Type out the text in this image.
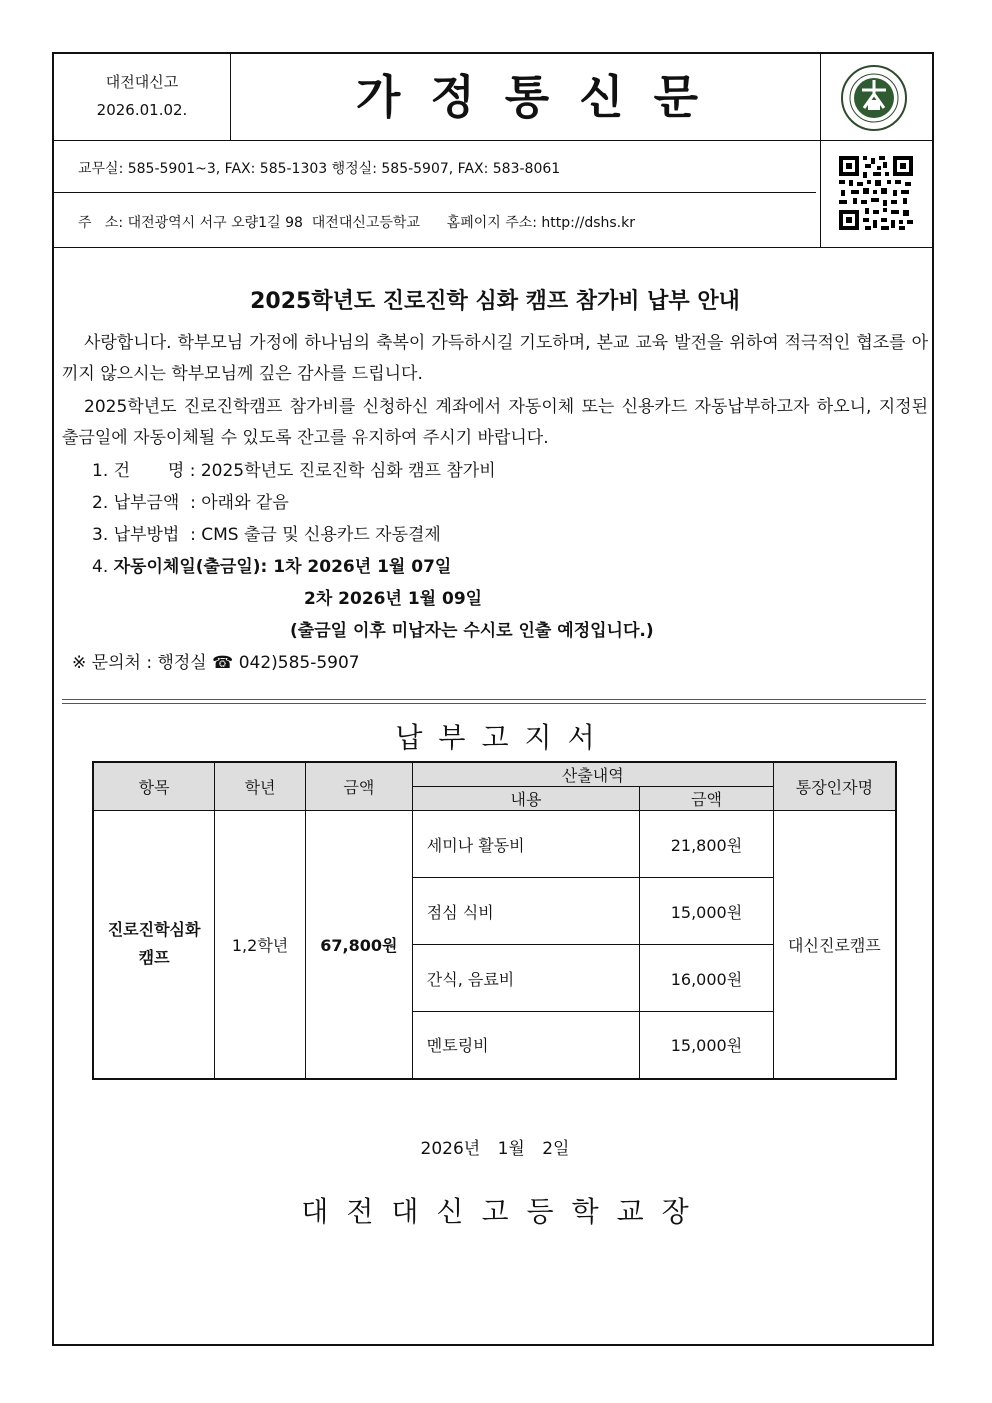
대전대신고
2026.01.02.	가정통신문
교무실: 585-5901~3, FAX: 585-1303 행정실: 585-5907, FAX: 583-8061
주   소: 대전광역시 서구 오량1길 98  대전대신고등학교      홈페이지 주소: http://dshs.kr
2025학년도 진로진학 심화 캠프 참가비 납부 안내
사랑합니다. 학부모님 가정에 하나님의 축복이 가득하시길 기도하며, 본교 교육 발전을 위하여 적극적인 협조를 아끼지 않으시는 학부모님께 깊은 감사를 드립니다.
2025학년도 진로진학캠프 참가비를 신청하신 계좌에서 자동이체 또는 신용카드 자동납부하고자 하오니, 지정된 출금일에 자동이체될 수 있도록 잔고를 유지하여 주시기 바랍니다.
1. 건       명 : 2025학년도 진로진학 심화 캠프 참가비
2. 납부금액  : 아래와 같음
3. 납부방법  : CMS 출금 및 신용카드 자동결제
4. 자동이체일(출금일): 1차 2026년 1월 07일
2차 2026년 1월 09일
(출금일 이후 미납자는 수시로 인출 예정입니다.)
※ 문의처 : 행정실 ☎ 042)585-5907
납부고지서
항목	학년	금액	산출내역		통장인자명
			내용	금액	
진로진학심화 캠프	1,2학년	67,800원	세미나 활동비	21,800원	대신진로캠프
			점심 식비	15,000원	
			간식, 음료비	16,000원	
			멘토링비	15,000원	
2026년 1월 2일
대전대신고등학교장
